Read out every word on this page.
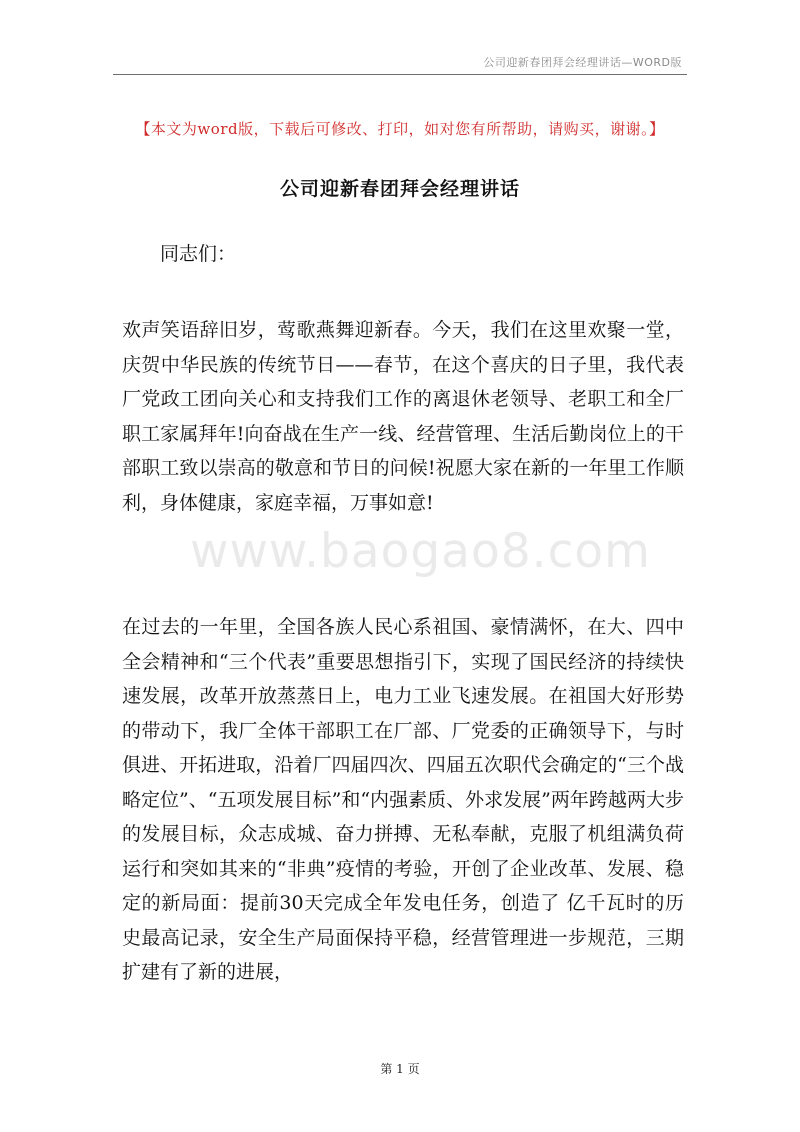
公司迎新春团拜会经理讲话—WORD版
【本文为word版，下载后可修改、打印，如对您有所帮助，请购买，谢谢。】
公司迎新春团拜会经理讲话
同志们：
欢声笑语辞旧岁，莺歌燕舞迎新春。今天，我们在这里欢聚一堂，庆贺中华民族的传统节日——春节，在这个喜庆的日子里，我代表厂党政工团向关心和支持我们工作的离退休老领导、老职工和全厂职工家属拜年!向奋战在生产一线、经营管理、生活后勤岗位上的干部职工致以崇高的敬意和节日的问候!祝愿大家在新的一年里工作顺利，身体健康，家庭幸福，万事如意!
www.baogao8.com
在过去的一年里，全国各族人民心系祖国、豪情满怀，在大、四中全会精神和“三个代表”重要思想指引下，实现了国民经济的持续快速发展，改革开放蒸蒸日上，电力工业飞速发展。在祖国大好形势的带动下，我厂全体干部职工在厂部、厂党委的正确领导下，与时俱进、开拓进取，沿着厂四届四次、四届五次职代会确定的“三个战略定位”、“五项发展目标”和“内强素质、外求发展”两年跨越两大步的发展目标，众志成城、奋力拼搏、无私奉献，克服了机组满负荷运行和突如其来的“非典”疫情的考验，开创了企业改革、发展、稳定的新局面：提前30天完成全年发电任务，创造了 亿千瓦时的历史最高记录，安全生产局面保持平稳，经营管理进一步规范，三期扩建有了新的进展，
第 1 页
